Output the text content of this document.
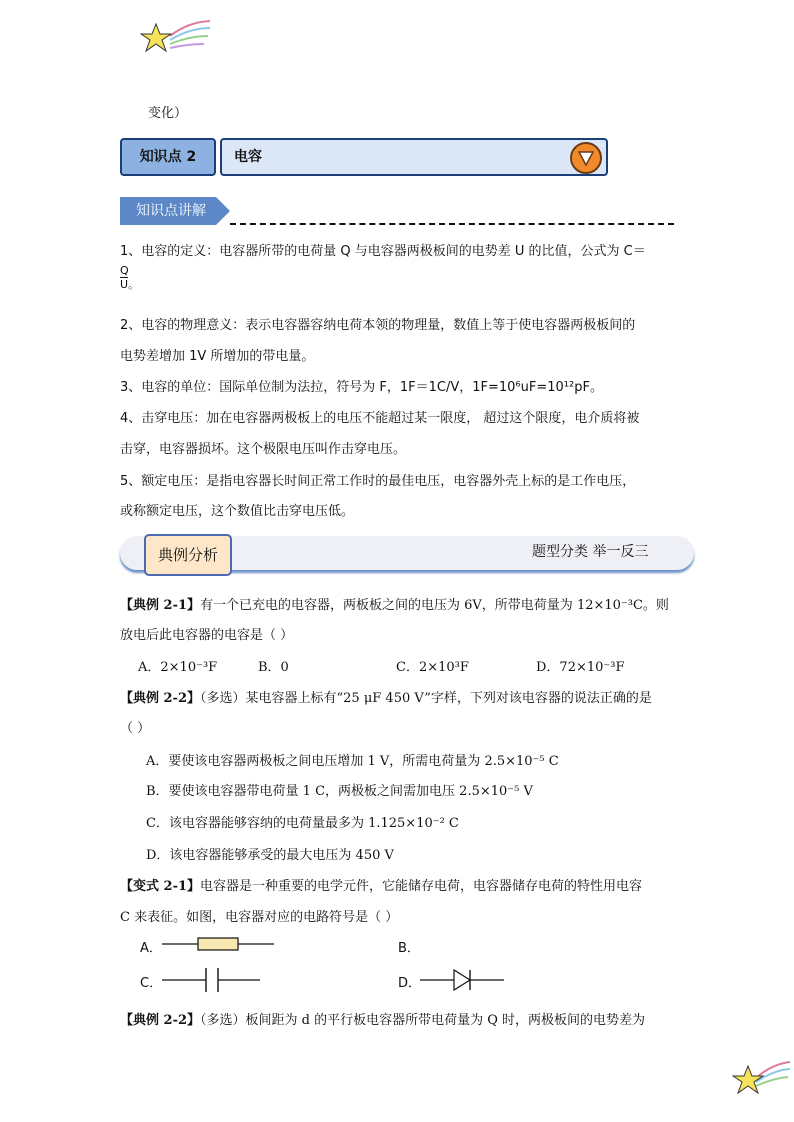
变化）
知识点 2	电容
知识点讲解
1、电容的定义：电容器所带的电荷量 Q 与电容器两极板间的电势差 U 的比值，公式为 C＝
Q
U。
2、电容的物理意义：表示电容器容纳电荷本领的物理量，数值上等于使电容器两极板间的
电势差增加 1V 所增加的带电量。
3、电容的单位：国际单位制为法拉，符号为 F，1F＝1C/V，1F=10⁶uF=10¹²pF。
4、击穿电压：加在电容器两极板上的电压不能超过某一限度， 超过这个限度，电介质将被
击穿，电容器损坏。这个极限电压叫作击穿电压。
5、额定电压：是指电容器长时间正常工作时的最佳电压，电容器外壳上标的是工作电压，
或称额定电压，这个数值比击穿电压低。
典例分析	题型分类 举一反三
【典例 2-1】有一个已充电的电容器，两板板之间的电压为 6V，所带电荷量为 12×10⁻³C。则
放电后此电容器的电容是（ ）
A．2×10⁻³F	B．0	C．2×10³F	D．72×10⁻³F
【典例 2-2】（多选）某电容器上标有“25 μF 450 V”字样，下列对该电容器的说法正确的是
（ ）
A．要使该电容器两极板之间电压增加 1 V，所需电荷量为 2.5×10⁻⁵ C
B．要使该电容器带电荷量 1 C，两极板之间需加电压 2.5×10⁻⁵ V
C．该电容器能够容纳的电荷量最多为 1.125×10⁻² C
D．该电容器能够承受的最大电压为 450 V
【变式 2-1】电容器是一种重要的电学元件，它能储存电荷，电容器储存电荷的特性用电容
C 来表征。如图，电容器对应的电路符号是（ ）
A．	B．
C．	D．
【典例 2-2】（多选）板间距为 d 的平行板电容器所带电荷量为 Q 时，两极板间的电势差为
